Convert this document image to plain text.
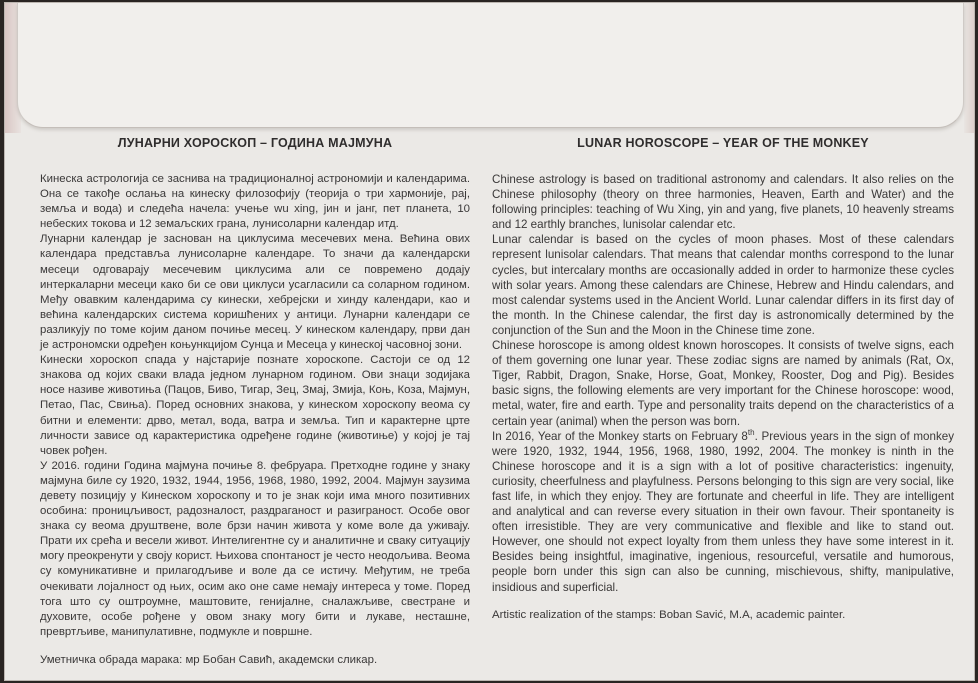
ЛУНАРНИ ХОРОСКОП – ГОДИНА МАЈМУНА

Кинеска астрологија се заснива на традиционалној астрономији и календарима. Она се такође ослања на кинеску филозофију (теорија о три хармоније, рај, земља и вода) и следећа начела: учење wu xing, јин и јанг, пет планета, 10 небеских токова и 12 земаљских грана, лунисоларни календар итд.

Лунарни календар је заснован на циклусима месечевих мена. Већина ових календара представља лунисоларне календаре. То значи да календарски месеци одговарају месечевим циклусима али се повремено додају интеркаларни месеци како би се ови циклуси усагласили са соларном годином. Међу овавким календарима су кинески, хебрејски и хинду календари, као и већина календарских система коришћених у антици. Лунарни календари се разликују по томе којим даном почиње месец. У кинеском календару, први дан је астрономски одређен коњункцијом Сунца и Месеца у кинеској часовној зони.

Кинески хороскоп спада у најстарије познате хороскопе. Састоји се од 12 знакова од којих сваки влада једном лунарном годином. Ови знаци зодијака носе називе животиња (Пацов, Биво, Тигар, Зец, Змај, Змија, Коњ, Коза, Мајмун, Петао, Пас, Свиња). Поред основних знакова, у кинеском хороскопу веома су битни и елементи: дрво, метал, вода, ватра и земља. Тип и карактерне црте личности зависе од карактеристика одређене године (животиње) у којој је тај човек рођен.

У 2016. години Година мајмуна почиње 8. фебруара. Претходне године у знаку мајмуна биле су 1920, 1932, 1944, 1956, 1968, 1980, 1992, 2004. Мајмун заузима девету позицију у Кинеском хороскопу и то је знак који има много позитивних особина: проницљивост, радозналост, раздраганост и разиграност. Особе овог знака су веома друштвене, воле брзи начин живота у коме воле да уживају. Прати их срећа и весели живот. Интелигентне су и аналитичне и сваку ситуацију могу преокренути у своју корист. Њихова спонтаност је често неодољива. Веома су комуникативне и прилагодљиве и воле да се истичу. Међутим, не треба очекивати лојалност од њих, осим ако оне саме немају интереса у томе. Поред тога што су оштроумне, маштовите, генијалне, сналажљиве, свестране и духовите, особе рођене у овом знаку могу бити и лукаве, несташне, превртљиве, манипулативне, подмукле и површне.

Уметничка обрада марака: мр Бобан Савић, академски сликар.
LUNAR HOROSCOPE – YEAR OF THE MONKEY

Chinese astrology is based on traditional astronomy and calendars. It also relies on the Chinese philosophy (theory on three harmonies, Heaven, Earth and Water) and the following principles: teaching of Wu Xing, yin and yang, five planets, 10 heavenly streams and 12 earthly branches, lunisolar calendar etc.

Lunar calendar is based on the cycles of moon phases. Most of these calendars represent lunisolar calendars. That means that calendar months correspond to the lunar cycles, but intercalary months are occasionally added in order to harmonize these cycles with solar years. Among these calendars are Chinese, Hebrew and Hindu calendars, and most calendar systems used in the Ancient World. Lunar calendar differs in its first day of the month. In the Chinese calendar, the first day is astronomically determined by the conjunction of the Sun and the Moon in the Chinese time zone.

Chinese horoscope is among oldest known horoscopes. It consists of twelve signs, each of them governing one lunar year. These zodiac signs are named by animals (Rat, Ox, Tiger, Rabbit, Dragon, Snake, Horse, Goat, Monkey, Rooster, Dog and Pig). Besides basic signs, the following elements are very important for the Chinese horoscope: wood, metal, water, fire and earth. Type and personality traits depend on the characteristics of a certain year (animal) when the person was born.

In 2016, Year of the Monkey starts on February 8th. Previous years in the sign of monkey were 1920, 1932, 1944, 1956, 1968, 1980, 1992, 2004. The monkey is ninth in the Chinese horoscope and it is a sign with a lot of positive characteristics: ingenuity, curiosity, cheerfulness and playfulness. Persons belonging to this sign are very social, like fast life, in which they enjoy. They are fortunate and cheerful in life. They are intelligent and analytical and can reverse every situation in their own favour. Their spontaneity is often irresistible. They are very communicative and flexible and like to stand out. However, one should not expect loyalty from them unless they have some interest in it. Besides being insightful, imaginative, ingenious, resourceful, versatile and humorous, people born under this sign can also be cunning, mischievous, shifty, manipulative, insidious and superficial.

Artistic realization of the stamps: Boban Savić, M.A, academic painter.
